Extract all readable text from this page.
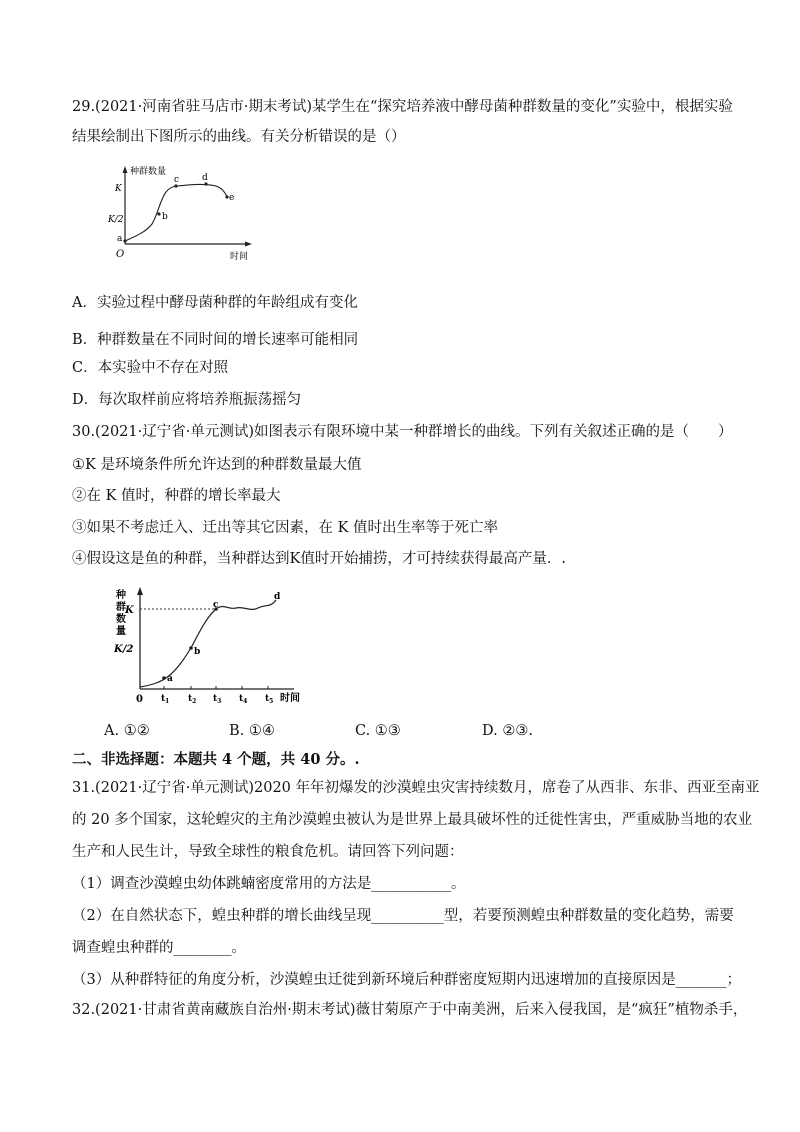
29.(2021·河南省驻马店市·期末考试)某学生在“探究培养液中酵母菌种群数量的变化”实验中，根据实验
结果绘制出下图所示的曲线。有关分析错误的是（）
种群数量
时间
O
K
K/2
a
b
c	d
e
A．实验过程中酵母菌种群的年龄组成有变化
B．种群数量在不同时间的增长速率可能相同
C．本实验中不存在对照
D．每次取样前应将培养瓶振荡摇匀
30.(2021·辽宁省·单元测试)如图表示有限环境中某一种群增长的曲线。下列有关叙述正确的是（　　）
①K 是环境条件所允许达到的种群数量最大值
②在 K 值时，种群的增长率最大
③如果不考虑迁入、迁出等其它因素，在 K 值时出生率等于死亡率
④假设这是鱼的种群，当种群达到K值时开始捕捞，才可持续获得最高产量．.
种
群
数
量
K
K/2
0
a
b
c
d
$t_1$ $t_2$ $t_3$ $t_4$ $t_5$ 时间
A. ①②	B. ①④	C. ①③	D. ②③.
二、非选择题：本题共 4 个题，共 40 分。.
31.(2021·辽宁省·单元测试)2020 年年初爆发的沙漠蝗虫灾害持续数月，席卷了从西非、东非、西亚至南亚
的 20 多个国家，这轮蝗灾的主角沙漠蝗虫被认为是世界上最具破坏性的迁徙性害虫，严重威胁当地的农业
生产和人民生计，导致全球性的粮食危机。请回答下列问题：
（1）调查沙漠蝗虫幼体跳蝻密度常用的方法是___________。
（2）在自然状态下，蝗虫种群的增长曲线呈现__________型，若要预测蝗虫种群数量的变化趋势，需要
调查蝗虫种群的________。
（3）从种群特征的角度分析，沙漠蝗虫迁徙到新环境后种群密度短期内迅速增加的直接原因是_______；
32.(2021·甘肃省黄南藏族自治州·期末考试)薇甘菊原产于中南美洲，后来入侵我国，是“疯狂”植物杀手，
